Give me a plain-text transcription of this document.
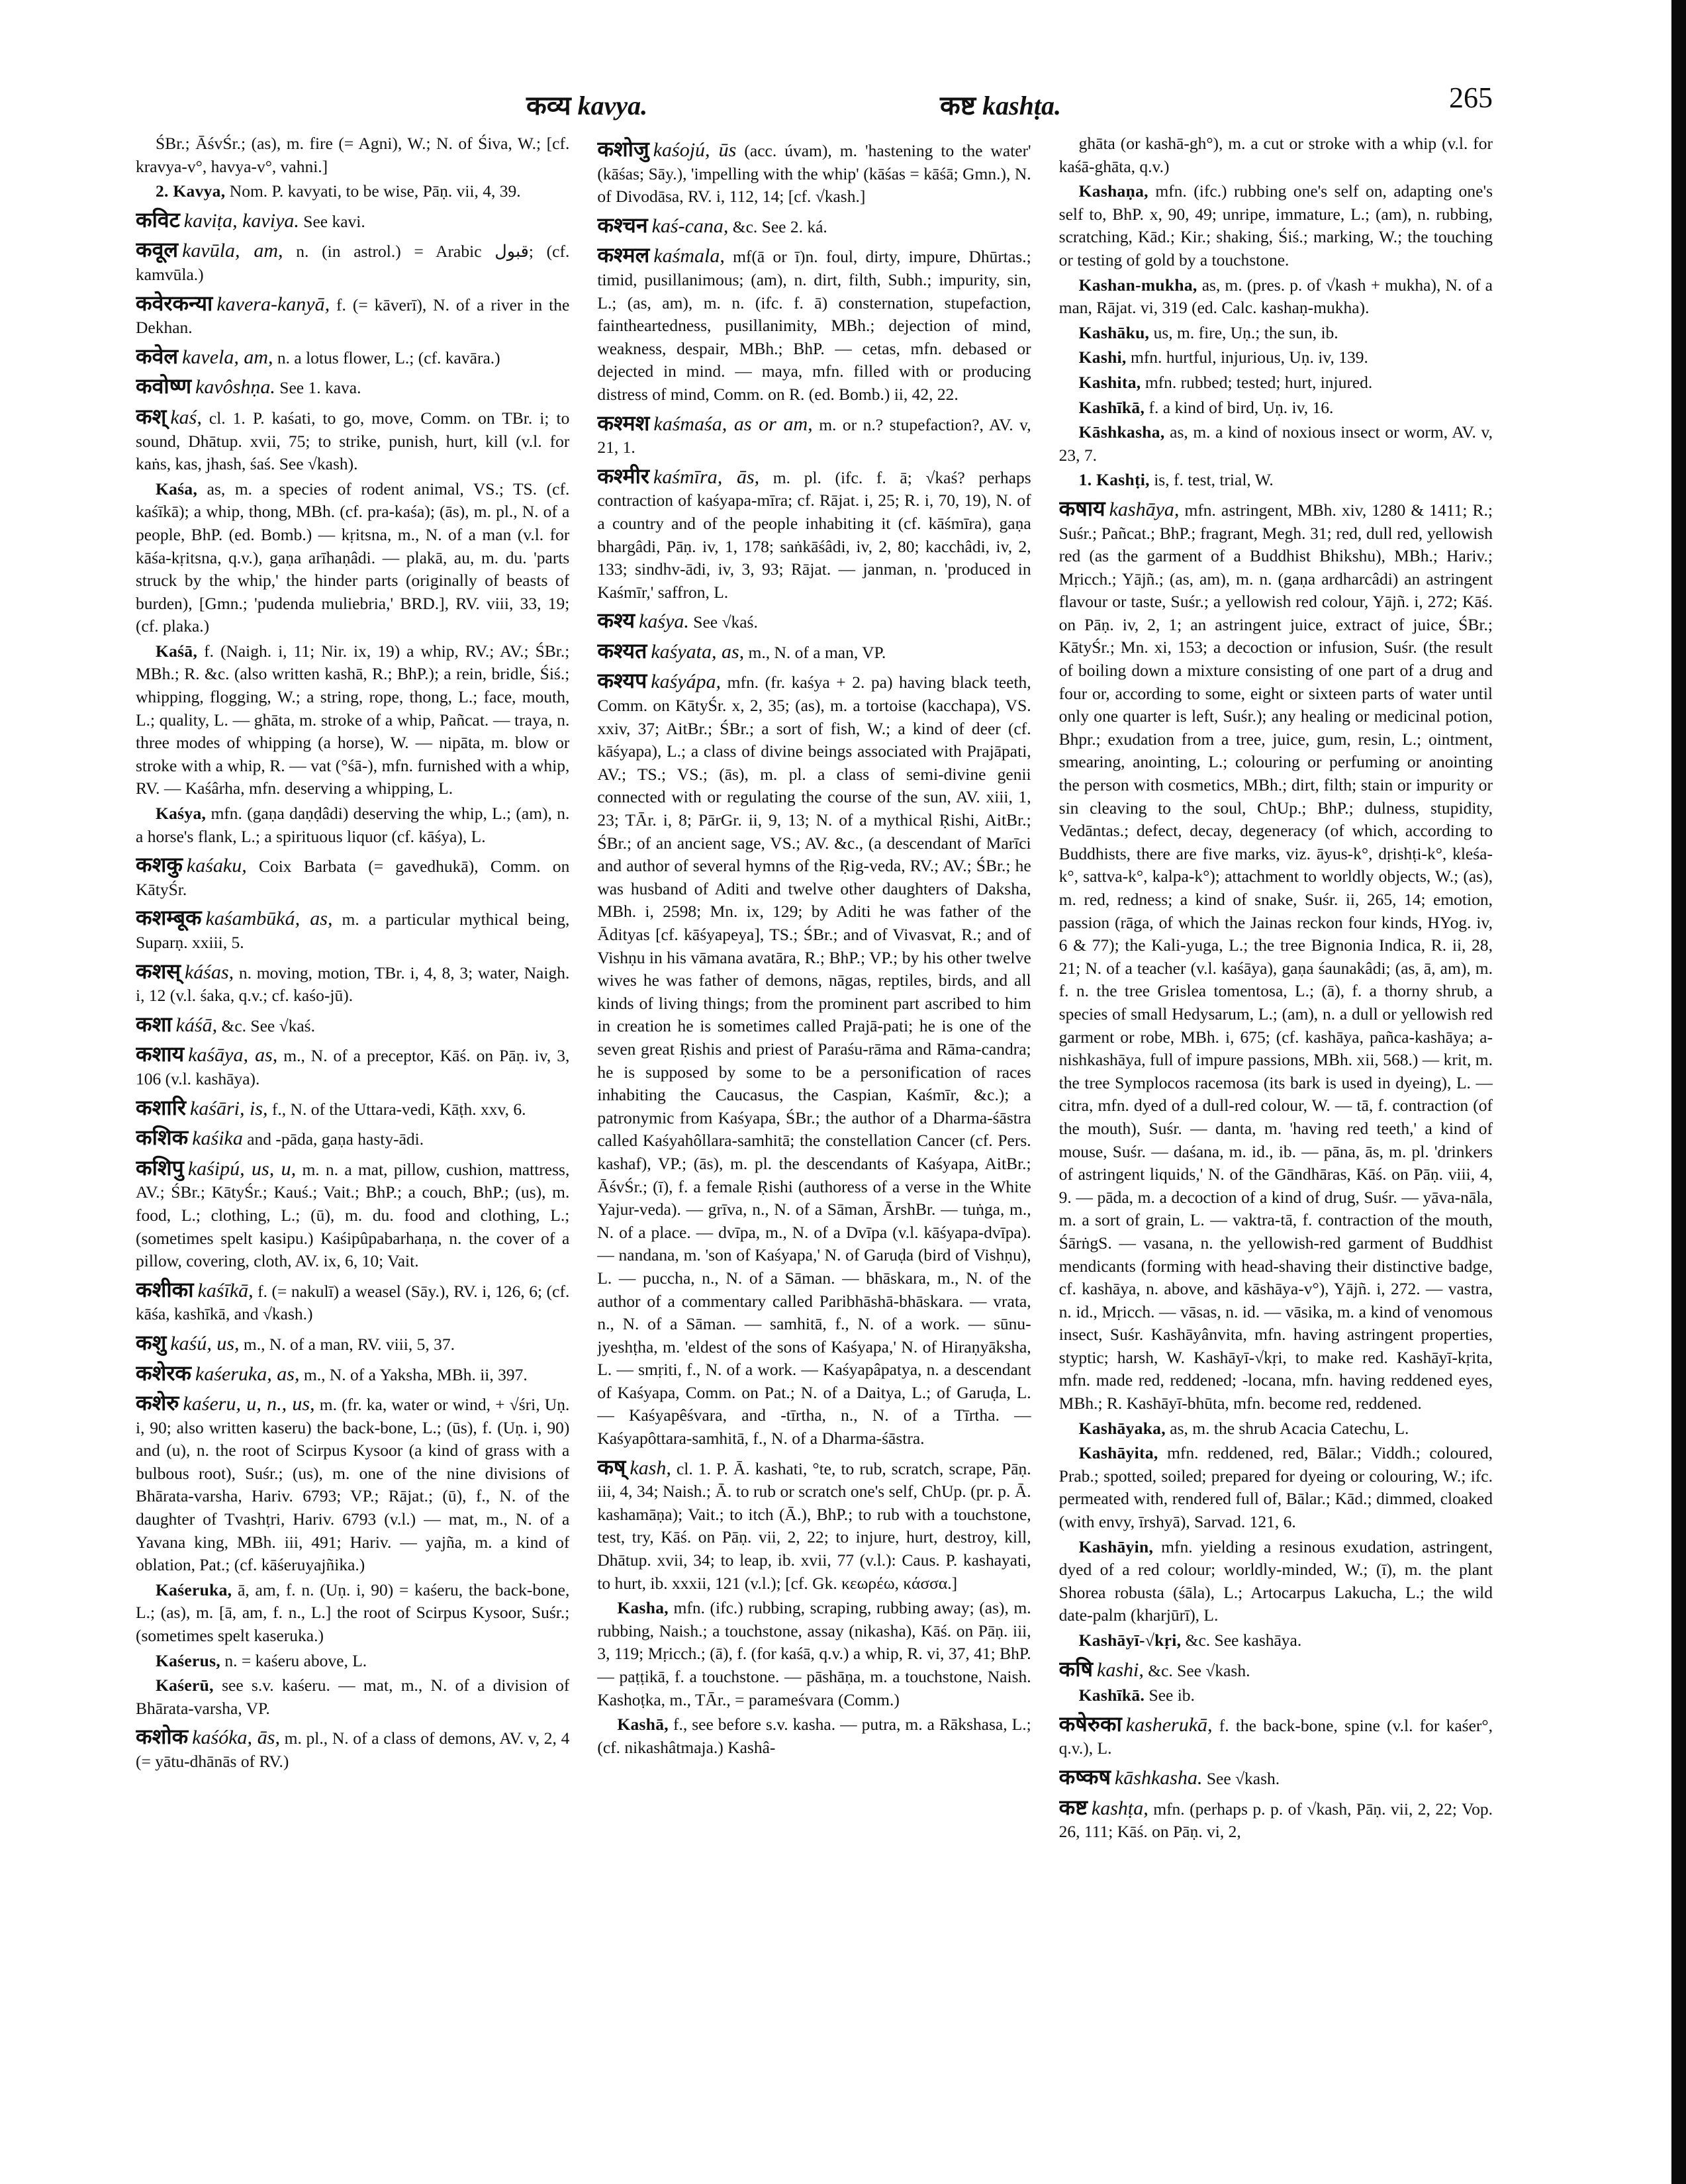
कव्य kavya.	कष्ट kashṭa.	265

ŚBr.; ĀśvŚr.; (as), m. fire (= Agni), W.; N. of Śiva, W.; [cf. kravya-v°, havya-v°, vahni.]

2. Kavya, Nom. P. kavyati, to be wise, Pāṇ. vii, 4, 39.

कविट kaviṭa, kaviya. See kavi.

कवूल kavūla, am, n. (in astrol.) = Arabic قبول; (cf. kamvūla.)

कवेरकन्या kavera-kanyā, f. (= kāverī), N. of a river in the Dekhan.

कवेल kavela, am, n. a lotus flower, L.; (cf. kavāra.)

कवोष्ण kavôshṇa. See 1. kava.

कश् kaś, cl. 1. P. kaśati, to go, move, Comm. on TBr. i; to sound, Dhātup. xvii, 75; to strike, punish, hurt, kill (v.l. for kaṅs, kas, jhash, śaś. See √kash).

Kaśa, as, m. a species of rodent animal, VS.; TS. (cf. kaśīkā); a whip, thong, MBh. (cf. pra-kaśa); (ās), m. pl., N. of a people, BhP. (ed. Bomb.) — kṛitsna, m., N. of a man (v.l. for kāśa-kṛitsna, q.v.), gaṇa arīhaṇâdi. — plakā, au, m. du. 'parts struck by the whip,' the hinder parts (originally of beasts of burden), [Gmn.; 'pudenda muliebria,' BRD.], RV. viii, 33, 19; (cf. plaka.)

Kaśā, f. (Naigh. i, 11; Nir. ix, 19) a whip, RV.; AV.; ŚBr.; MBh.; R. &c. (also written kashā, R.; BhP.); a rein, bridle, Śiś.; whipping, flogging, W.; a string, rope, thong, L.; face, mouth, L.; quality, L. — ghāta, m. stroke of a whip, Pañcat. — traya, n. three modes of whipping (a horse), W. — nipāta, m. blow or stroke with a whip, R. — vat (°śā-), mfn. furnished with a whip, RV. — Kaśârha, mfn. deserving a whipping, L.

Kaśya, mfn. (gaṇa daṇḍâdi) deserving the whip, L.; (am), n. a horse's flank, L.; a spirituous liquor (cf. kāśya), L.

कशकु kaśaku, Coix Barbata (= gavedhukā), Comm. on KātyŚr.

कशम्बूक kaśambūká, as, m. a particular mythical being, Suparṇ. xxiii, 5.

कशस् káśas, n. moving, motion, TBr. i, 4, 8, 3; water, Naigh. i, 12 (v.l. śaka, q.v.; cf. kaśo-jū).

कशा káśā, &c. See √kaś.

कशाय kaśāya, as, m., N. of a preceptor, Kāś. on Pāṇ. iv, 3, 106 (v.l. kashāya).

कशारि kaśāri, is, f., N. of the Uttara-vedi, Kāṭh. xxv, 6.

कशिक kaśika and -pāda, gaṇa hasty-ādi.

कशिपु kaśipú, us, u, m. n. a mat, pillow, cushion, mattress, AV.; ŚBr.; KātyŚr.; Kauś.; Vait.; BhP.; a couch, BhP.; (us), m. food, L.; clothing, L.; (ū), m. du. food and clothing, L.; (sometimes spelt kasipu.) Kaśipûpabarhaṇa, n. the cover of a pillow, covering, cloth, AV. ix, 6, 10; Vait.

कशीका kaśīkā, f. (= nakulī) a weasel (Sāy.), RV. i, 126, 6; (cf. kāśa, kashīkā, and √kash.)

कशु kaśú, us, m., N. of a man, RV. viii, 5, 37.

कशेरक kaśeruka, as, m., N. of a Yaksha, MBh. ii, 397.

कशेरु kaśeru, u, n., us, m. (fr. ka, water or wind, + √śri, Uṇ. i, 90; also written kaseru) the back-bone, L.; (ūs), f. (Uṇ. i, 90) and (u), n. the root of Scirpus Kysoor (a kind of grass with a bulbous root), Suśr.; (us), m. one of the nine divisions of Bhārata-varsha, Hariv. 6793; VP.; Rājat.; (ū), f., N. of the daughter of Tvashṭri, Hariv. 6793 (v.l.) — mat, m., N. of a Yavana king, MBh. iii, 491; Hariv. — yajña, m. a kind of oblation, Pat.; (cf. kāśeruyajñika.)

Kaśeruka, ā, am, f. n. (Uṇ. i, 90) = kaśeru, the back-bone, L.; (as), m. [ā, am, f. n., L.] the root of Scirpus Kysoor, Suśr.; (sometimes spelt kaseruka.)

Kaśerus, n. = kaśeru above, L.

Kaśerū, see s.v. kaśeru. — mat, m., N. of a division of Bhārata-varsha, VP.

कशोक kaśóka, ās, m. pl., N. of a class of demons, AV. v, 2, 4 (= yātu-dhānās of RV.)

कशोजु kaśojú, ūs (acc. úvam), m. 'hastening to the water' (kāśas; Sāy.), 'impelling with the whip' (kāśas = kāśā; Gmn.), N. of Divodāsa, RV. i, 112, 14; [cf. √kash.]

कश्चन kaś-cana, &c. See 2. ká.

कश्मल kaśmala, mf(ā or ī)n. foul, dirty, impure, Dhūrtas.; timid, pusillanimous; (am), n. dirt, filth, Subh.; impurity, sin, L.; (as, am), m. n. (ifc. f. ā) consternation, stupefaction, faintheartedness, pusillanimity, MBh.; dejection of mind, weakness, despair, MBh.; BhP. — cetas, mfn. debased or dejected in mind. — maya, mfn. filled with or producing distress of mind, Comm. on R. (ed. Bomb.) ii, 42, 22.

कश्मश kaśmaśa, as or am, m. or n.? stupefaction?, AV. v, 21, 1.

कश्मीर kaśmīra, ās, m. pl. (ifc. f. ā; √kaś? perhaps contraction of kaśyapa-mīra; cf. Rājat. i, 25; R. i, 70, 19), N. of a country and of the people inhabiting it (cf. kāśmīra), gaṇa bhargâdi, Pāṇ. iv, 1, 178; saṅkāśâdi, iv, 2, 80; kacchâdi, iv, 2, 133; sindhv-ādi, iv, 3, 93; Rājat. — janman, n. 'produced in Kaśmīr,' saffron, L.

कश्य kaśya. See √kaś.

कश्यत kaśyata, as, m., N. of a man, VP.

कश्यप kaśyápa, mfn. (fr. kaśya + 2. pa) having black teeth, Comm. on KātyŚr. x, 2, 35; (as), m. a tortoise (kacchapa), VS. xxiv, 37; AitBr.; ŚBr.; a sort of fish, W.; a kind of deer (cf. kāśyapa), L.; a class of divine beings associated with Prajāpati, AV.; TS.; VS.; (ās), m. pl. a class of semi-divine genii connected with or regulating the course of the sun, AV. xiii, 1, 23; TĀr. i, 8; PārGr. ii, 9, 13; N. of a mythical Ṛishi, AitBr.; ŚBr.; of an ancient sage, VS.; AV. &c., (a descendant of Marīci and author of several hymns of the Ṛig-veda, RV.; AV.; ŚBr.; he was husband of Aditi and twelve other daughters of Daksha, MBh. i, 2598; Mn. ix, 129; by Aditi he was father of the Ādityas [cf. kāśyapeya], TS.; ŚBr.; and of Vivasvat, R.; and of Vishṇu in his vāmana avatāra, R.; BhP.; VP.; by his other twelve wives he was father of demons, nāgas, reptiles, birds, and all kinds of living things; from the prominent part ascribed to him in creation he is sometimes called Prajā-pati; he is one of the seven great Ṛishis and priest of Paraśu-rāma and Rāma-candra; he is supposed by some to be a personification of races inhabiting the Caucasus, the Caspian, Kaśmīr, &c.); a patronymic from Kaśyapa, ŚBr.; the author of a Dharma-śāstra called Kaśyahôllara-samhitā; the constellation Cancer (cf. Pers. kashaf), VP.; (ās), m. pl. the descendants of Kaśyapa, AitBr.; ĀśvŚr.; (ī), f. a female Ṛishi (authoress of a verse in the White Yajur-veda). — grīva, n., N. of a Sāman, ĀrshBr. — tuṅga, m., N. of a place. — dvīpa, m., N. of a Dvīpa (v.l. kāśyapa-dvīpa). — nandana, m. 'son of Kaśyapa,' N. of Garuḍa (bird of Vishṇu), L. — puccha, n., N. of a Sāman. — bhāskara, m., N. of the author of a commentary called Paribhāshā-bhāskara. — vrata, n., N. of a Sāman. — samhitā, f., N. of a work. — sūnu-jyeshṭha, m. 'eldest of the sons of Kaśyapa,' N. of Hiraṇyāksha, L. — smṛiti, f., N. of a work. — Kaśyapâpatya, n. a descendant of Kaśyapa, Comm. on Pat.; N. of a Daitya, L.; of Garuḍa, L. — Kaśyapêśvara, and -tīrtha, n., N. of a Tīrtha. — Kaśyapôttara-samhitā, f., N. of a Dharma-śāstra.

कष् kash, cl. 1. P. Ā. kashati, °te, to rub, scratch, scrape, Pāṇ. iii, 4, 34; Naish.; Ā. to rub or scratch one's self, ChUp. (pr. p. Ā. kashamāṇa); Vait.; to itch (Ā.), BhP.; to rub with a touchstone, test, try, Kāś. on Pāṇ. vii, 2, 22; to injure, hurt, destroy, kill, Dhātup. xvii, 34; to leap, ib. xvii, 77 (v.l.): Caus. P. kashayati, to hurt, ib. xxxii, 121 (v.l.); [cf. Gk. κεωρέω, κάσσα.]

Kasha, mfn. (ifc.) rubbing, scraping, rubbing away; (as), m. rubbing, Naish.; a touchstone, assay (nikasha), Kāś. on Pāṇ. iii, 3, 119; Mṛicch.; (ā), f. (for kaśā, q.v.) a whip, R. vi, 37, 41; BhP. — paṭṭikā, f. a touchstone. — pāshāṇa, m. a touchstone, Naish. Kashoṭka, m., TĀr., = parameśvara (Comm.)

Kashā, f., see before s.v. kasha. — putra, m. a Rākshasa, L.; (cf. nikashâtmaja.) Kashâ-

ghāta (or kashā-gh°), m. a cut or stroke with a whip (v.l. for kaśā-ghāta, q.v.)

Kashaṇa, mfn. (ifc.) rubbing one's self on, adapting one's self to, BhP. x, 90, 49; unripe, immature, L.; (am), n. rubbing, scratching, Kād.; Kir.; shaking, Śiś.; marking, W.; the touching or testing of gold by a touchstone.

Kashan-mukha, as, m. (pres. p. of √kash + mukha), N. of a man, Rājat. vi, 319 (ed. Calc. kashaṇ-mukha).

Kashāku, us, m. fire, Uṇ.; the sun, ib.

Kashi, mfn. hurtful, injurious, Uṇ. iv, 139.

Kashita, mfn. rubbed; tested; hurt, injured.

Kashīkā, f. a kind of bird, Uṇ. iv, 16.

Kāshkasha, as, m. a kind of noxious insect or worm, AV. v, 23, 7.

1. Kashṭi, is, f. test, trial, W.

कषाय kashāya, mfn. astringent, MBh. xiv, 1280 & 1411; R.; Suśr.; Pañcat.; BhP.; fragrant, Megh. 31; red, dull red, yellowish red (as the garment of a Buddhist Bhikshu), MBh.; Hariv.; Mṛicch.; Yājñ.; (as, am), m. n. (gaṇa ardharcâdi) an astringent flavour or taste, Suśr.; a yellowish red colour, Yājñ. i, 272; Kāś. on Pāṇ. iv, 2, 1; an astringent juice, extract of juice, ŚBr.; KātyŚr.; Mn. xi, 153; a decoction or infusion, Suśr. (the result of boiling down a mixture consisting of one part of a drug and four or, according to some, eight or sixteen parts of water until only one quarter is left, Suśr.); any healing or medicinal potion, Bhpr.; exudation from a tree, juice, gum, resin, L.; ointment, smearing, anointing, L.; colouring or perfuming or anointing the person with cosmetics, MBh.; dirt, filth; stain or impurity or sin cleaving to the soul, ChUp.; BhP.; dulness, stupidity, Vedāntas.; defect, decay, degeneracy (of which, according to Buddhists, there are five marks, viz. āyus-k°, dṛishṭi-k°, kleśa-k°, sattva-k°, kalpa-k°); attachment to worldly objects, W.; (as), m. red, redness; a kind of snake, Suśr. ii, 265, 14; emotion, passion (rāga, of which the Jainas reckon four kinds, HYog. iv, 6 & 77); the Kali-yuga, L.; the tree Bignonia Indica, R. ii, 28, 21; N. of a teacher (v.l. kaśāya), gaṇa śaunakâdi; (as, ā, am), m. f. n. the tree Grislea tomentosa, L.; (ā), f. a thorny shrub, a species of small Hedysarum, L.; (am), n. a dull or yellowish red garment or robe, MBh. i, 675; (cf. kashāya, pañca-kashāya; a-nishkashāya, full of impure passions, MBh. xii, 568.) — krit, m. the tree Symplocos racemosa (its bark is used in dyeing), L. — citra, mfn. dyed of a dull-red colour, W. — tā, f. contraction (of the mouth), Suśr. — danta, m. 'having red teeth,' a kind of mouse, Suśr. — daśana, m. id., ib. — pāna, ās, m. pl. 'drinkers of astringent liquids,' N. of the Gāndhāras, Kāś. on Pāṇ. viii, 4, 9. — pāda, m. a decoction of a kind of drug, Suśr. — yāva-nāla, m. a sort of grain, L. — vaktra-tā, f. contraction of the mouth, ŚārṅgS. — vasana, n. the yellowish-red garment of Buddhist mendicants (forming with head-shaving their distinctive badge, cf. kashāya, n. above, and kāshāya-v°), Yājñ. i, 272. — vastra, n. id., Mṛicch. — vāsas, n. id. — vāsika, m. a kind of venomous insect, Suśr. Kashāyânvita, mfn. having astringent properties, styptic; harsh, W. Kashāyī-√kṛi, to make red. Kashāyī-kṛita, mfn. made red, reddened; -locana, mfn. having reddened eyes, MBh.; R. Kashāyī-bhūta, mfn. become red, reddened.

Kashāyaka, as, m. the shrub Acacia Catechu, L.

Kashāyita, mfn. reddened, red, Bālar.; Viddh.; coloured, Prab.; spotted, soiled; prepared for dyeing or colouring, W.; ifc. permeated with, rendered full of, Bālar.; Kād.; dimmed, cloaked (with envy, īrshyā), Sarvad. 121, 6.

Kashāyin, mfn. yielding a resinous exudation, astringent, dyed of a red colour; worldly-minded, W.; (ī), m. the plant Shorea robusta (śāla), L.; Artocarpus Lakucha, L.; the wild date-palm (kharjūrī), L.

Kashāyī-√kṛi, &c. See kashāya.

कषि kashi, &c. See √kash.

Kashīkā. See ib.

कषेरुका kasherukā, f. the back-bone, spine (v.l. for kaśer°, q.v.), L.

कष्कष kāshkasha. See √kash.

कष्ट kashṭa, mfn. (perhaps p. p. of √kash, Pāṇ. vii, 2, 22; Vop. 26, 111; Kāś. on Pāṇ. vi, 2,
